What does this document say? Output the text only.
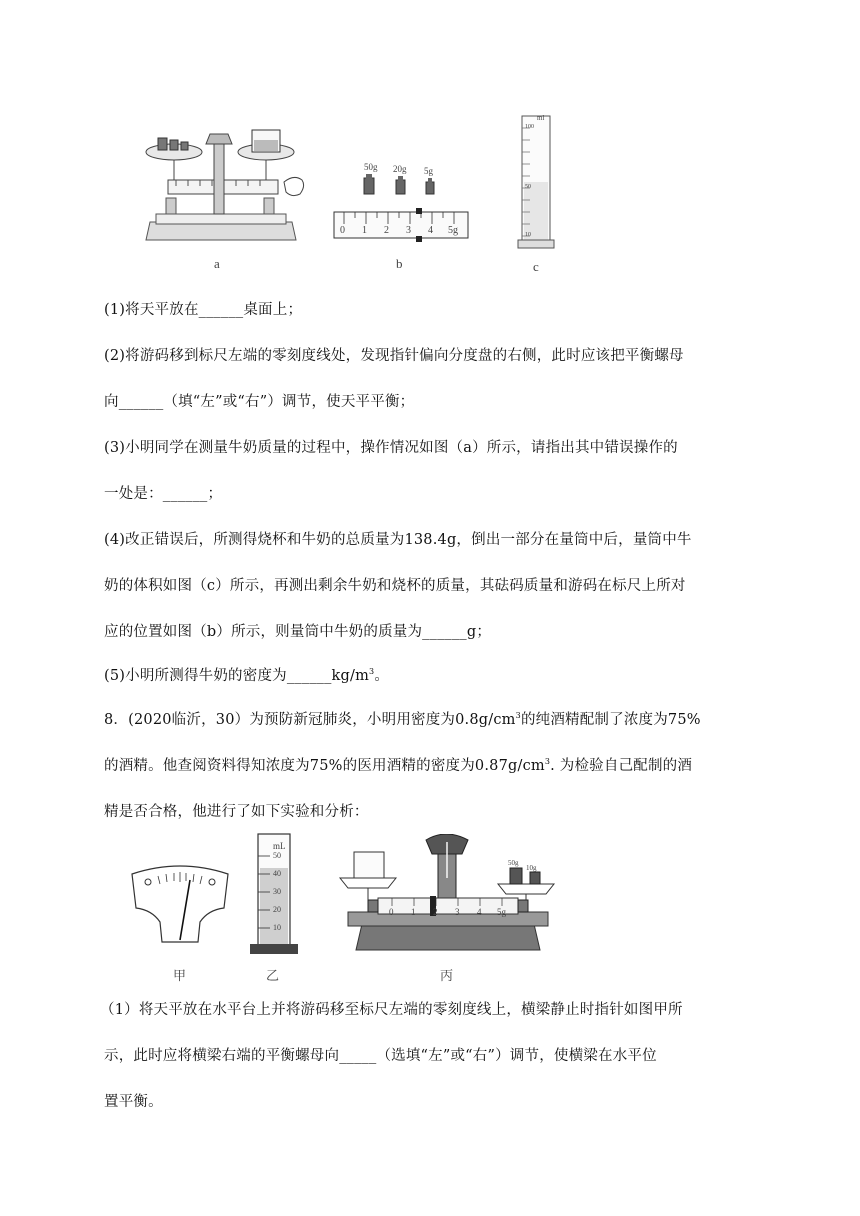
a
50g 20g 5g
0 1 2 3 4 5g
b
ml
100
50
10
c
(1)将天平放在______桌面上；
(2)将游码移到标尺左端的零刻度线处，发现指针偏向分度盘的右侧，此时应该把平衡螺母
向______（填“左”或“右”）调节，使天平平衡；
(3)小明同学在测量牛奶质量的过程中，操作情况如图（a）所示，请指出其中错误操作的
一处是：______；
(4)改正错误后，所测得烧杯和牛奶的总质量为138.4g，倒出一部分在量筒中后，量筒中牛
奶的体积如图（c）所示，再测出剩余牛奶和烧杯的质量，其砝码质量和游码在标尺上所对
应的位置如图（b）所示，则量筒中牛奶的质量为______g；
(5)小明所测得牛奶的密度为$\_\_\_\_\_\_kg/m^3$。
8．(2020临沂，30）为预防新冠肺炎，小明用密度为$0.8g/cm^3$的纯酒精配制了浓度为75%
的酒精。他查阅资料得知浓度为75%的医用酒精的密度为$0.87g/cm^3$. 为检验自己配制的酒
精是否合格，他进行了如下实验和分析：
甲
mL
50
40
30
20
10
乙
50g
10g
0 1 2 3 4 5g
丙
（1）将天平放在水平台上并将游码移至标尺左端的零刻度线上，横梁静止时指针如图甲所
示，此时应将横梁右端的平衡螺母向_____（选填“左”或“右”）调节，使横梁在水平位
置平衡。
